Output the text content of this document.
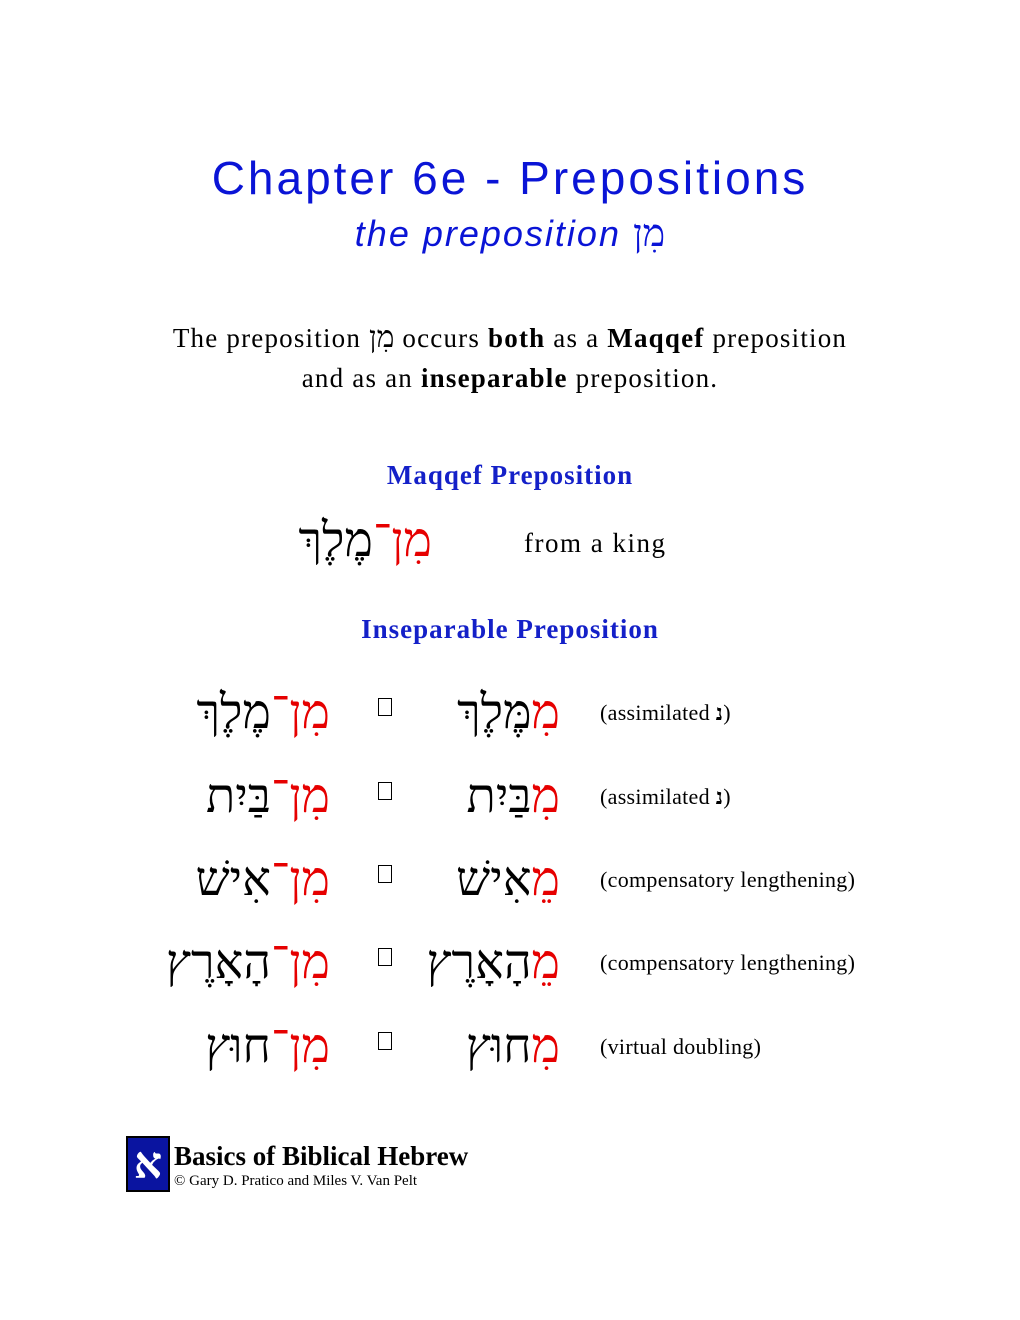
Chapter 6e - Prepositions
the preposition מִן
The preposition מִן occurs both as a Maqqef preposition
and as an inseparable preposition.
Maqqef Preposition
מִן־מֶלֶךְ	from a king
Inseparable Preposition
מִן־מֶלֶךְ	מִמֶּלֶךְ	(assimilated נ)
מִן־בַּיִת	מִבַּיִת	(assimilated נ)
מִן־אִישׁ	מֵאִישׁ	(compensatory lengthening)
מִן־הָאָרֶץ	מֵהָאָרֶץ	(compensatory lengthening)
מִן־חוּץ	מִחוּץ	(virtual doubling)
א Basics of Biblical Hebrew
© Gary D. Pratico and Miles V. Van Pelt
